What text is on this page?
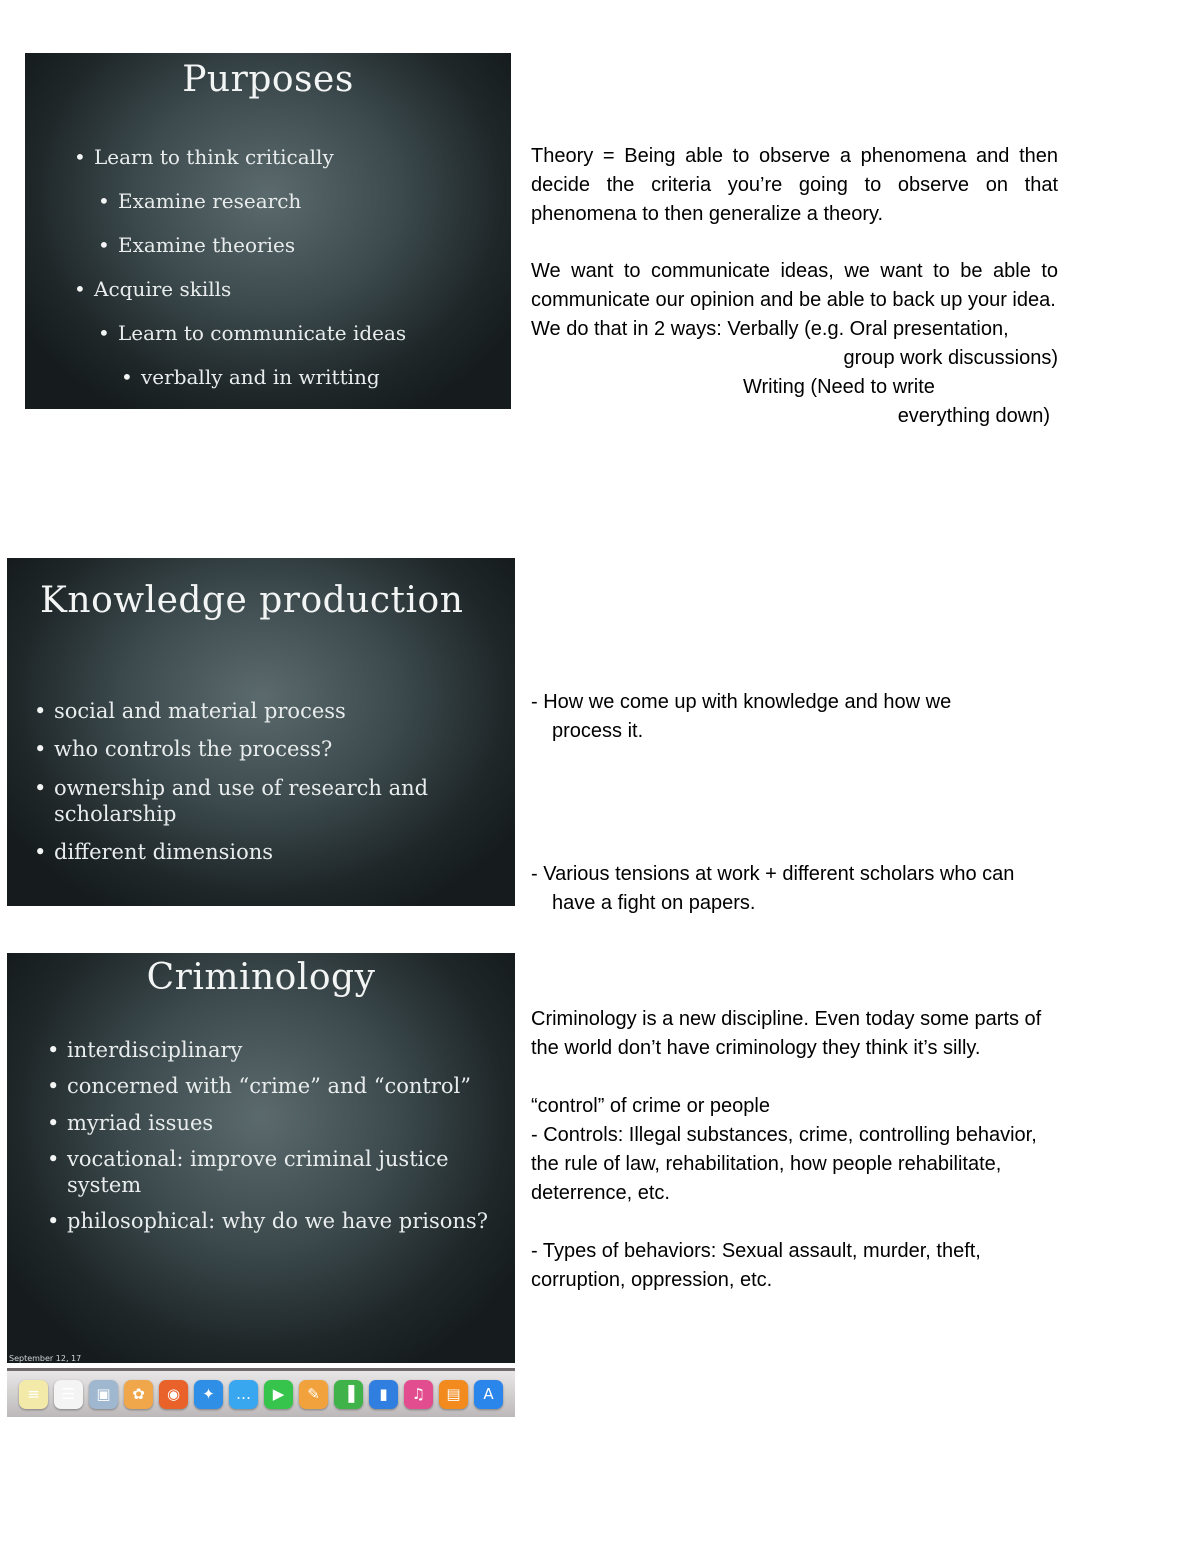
Purposes
• Learn to think critically
• Examine research
• Examine theories
• Acquire skills
• Learn to communicate ideas
• verbally and in writting

Theory = Being able to observe a phenomena and then decide the criteria you’re going to observe on that phenomena to then generalize a theory.

We want to communicate ideas, we want to be able to communicate our opinion and be able to back up your idea.

We do that in 2 ways: Verbally (e.g. Oral presentation,

group work discussions)

Writing (Need to write

everything down)

Knowledge production
• social and material process
• who controls the process?
• ownership and use of research and scholarship
• different dimensions

- How we come up with knowledge and how we

process it.

- Various tensions at work + different scholars who can

have a fight on papers.

Criminology
• interdisciplinary
• concerned with “crime” and “control”
• myriad issues
• vocational: improve criminal justice system
• philosophical: why do we have prisons?
September 12, 17
≡	☰	▣	✿	◉	✦	…	▶	✎	▐	▮	♫	▤	A

Criminology is a new discipline. Even today some parts of the world don’t have criminology they think it’s silly.

“control” of crime or people

- Controls: Illegal substances, crime, controlling behavior, the rule of law, rehabilitation, how people rehabilitate, deterrence, etc.

- Types of behaviors: Sexual assault, murder, theft, corruption, oppression, etc.
